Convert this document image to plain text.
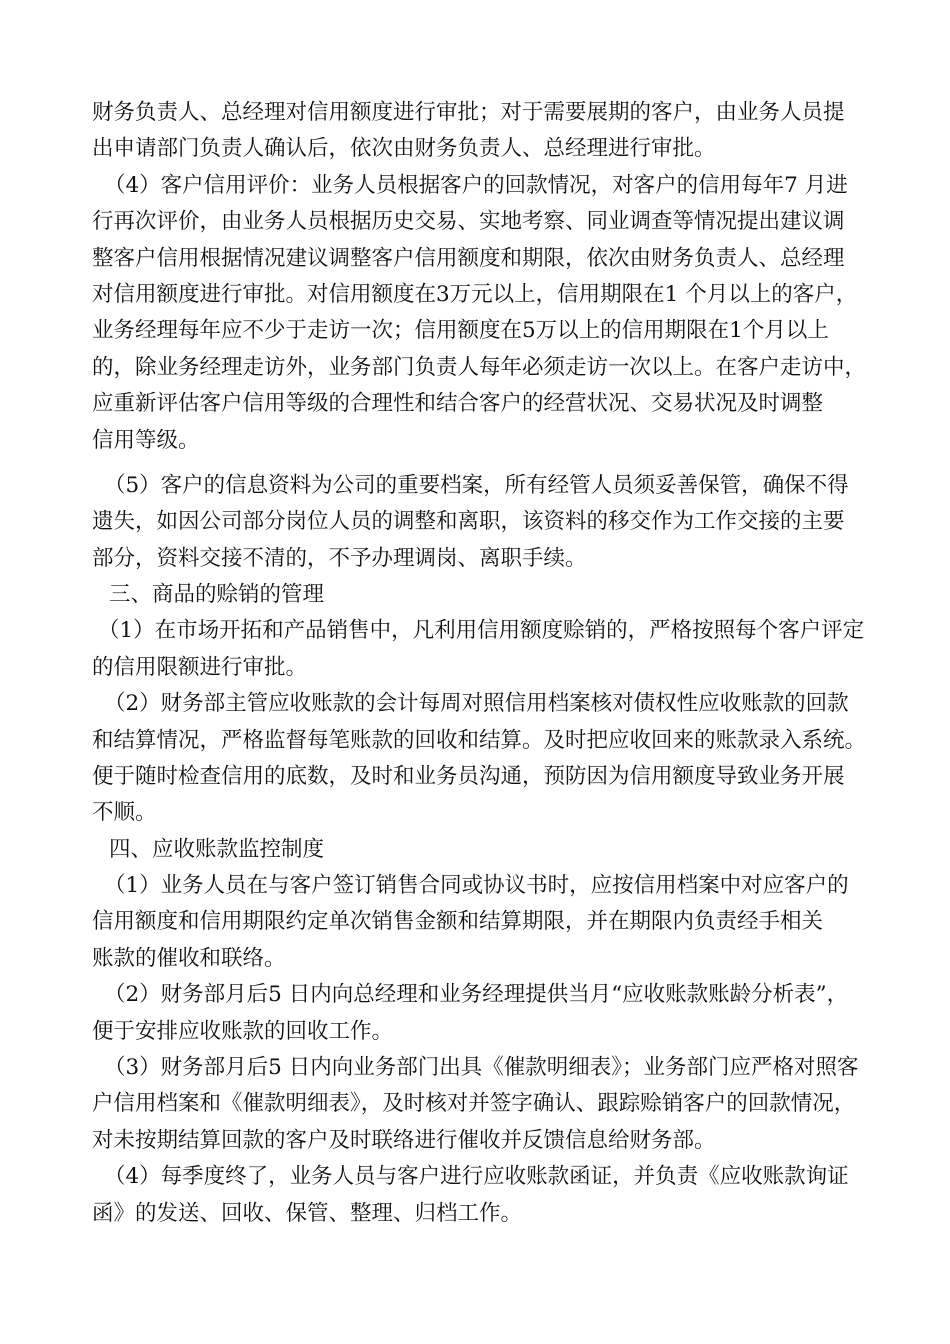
财务负责人、总经理对信用额度进行审批；对于需要展期的客户，由业务人员提
出申请部门负责人确认后，依次由财务负责人、总经理进行审批。
（4）客户信用评价：业务人员根据客户的回款情况，对客户的信用每年7 月进
行再次评价，由业务人员根据历史交易、实地考察、同业调查等情况提出建议调
整客户信用根据情况建议调整客户信用额度和期限，依次由财务负责人、总经理
对信用额度进行审批。对信用额度在3万元以上，信用期限在1 个月以上的客户，
业务经理每年应不少于走访一次；信用额度在5万以上的信用期限在1个月以上
的，除业务经理走访外，业务部门负责人每年必须走访一次以上。在客户走访中，
应重新评估客户信用等级的合理性和结合客户的经营状况、交易状况及时调整
信用等级。
（5）客户的信息资料为公司的重要档案，所有经管人员须妥善保管，确保不得
遗失，如因公司部分岗位人员的调整和离职，该资料的移交作为工作交接的主要
部分，资料交接不清的，不予办理调岗、离职手续。
三、商品的赊销的管理
（1）在市场开拓和产品销售中，凡利用信用额度赊销的，严格按照每个客户评定
的信用限额进行审批。
（2）财务部主管应收账款的会计每周对照信用档案核对债权性应收账款的回款
和结算情况，严格监督每笔账款的回收和结算。及时把应收回来的账款录入系统。
便于随时检查信用的底数，及时和业务员沟通，预防因为信用额度导致业务开展
不顺。
四、应收账款监控制度
（1）业务人员在与客户签订销售合同或协议书时，应按信用档案中对应客户的
信用额度和信用期限约定单次销售金额和结算期限，并在期限内负责经手相关
账款的催收和联络。
（2）财务部月后5 日内向总经理和业务经理提供当月“应收账款账龄分析表”，
便于安排应收账款的回收工作。
（3）财务部月后5 日内向业务部门出具《催款明细表》；业务部门应严格对照客
户信用档案和《催款明细表》，及时核对并签字确认、跟踪赊销客户的回款情况，
对未按期结算回款的客户及时联络进行催收并反馈信息给财务部。
（4）每季度终了，业务人员与客户进行应收账款函证，并负责《应收账款询证
函》的发送、回收、保管、整理、归档工作。
